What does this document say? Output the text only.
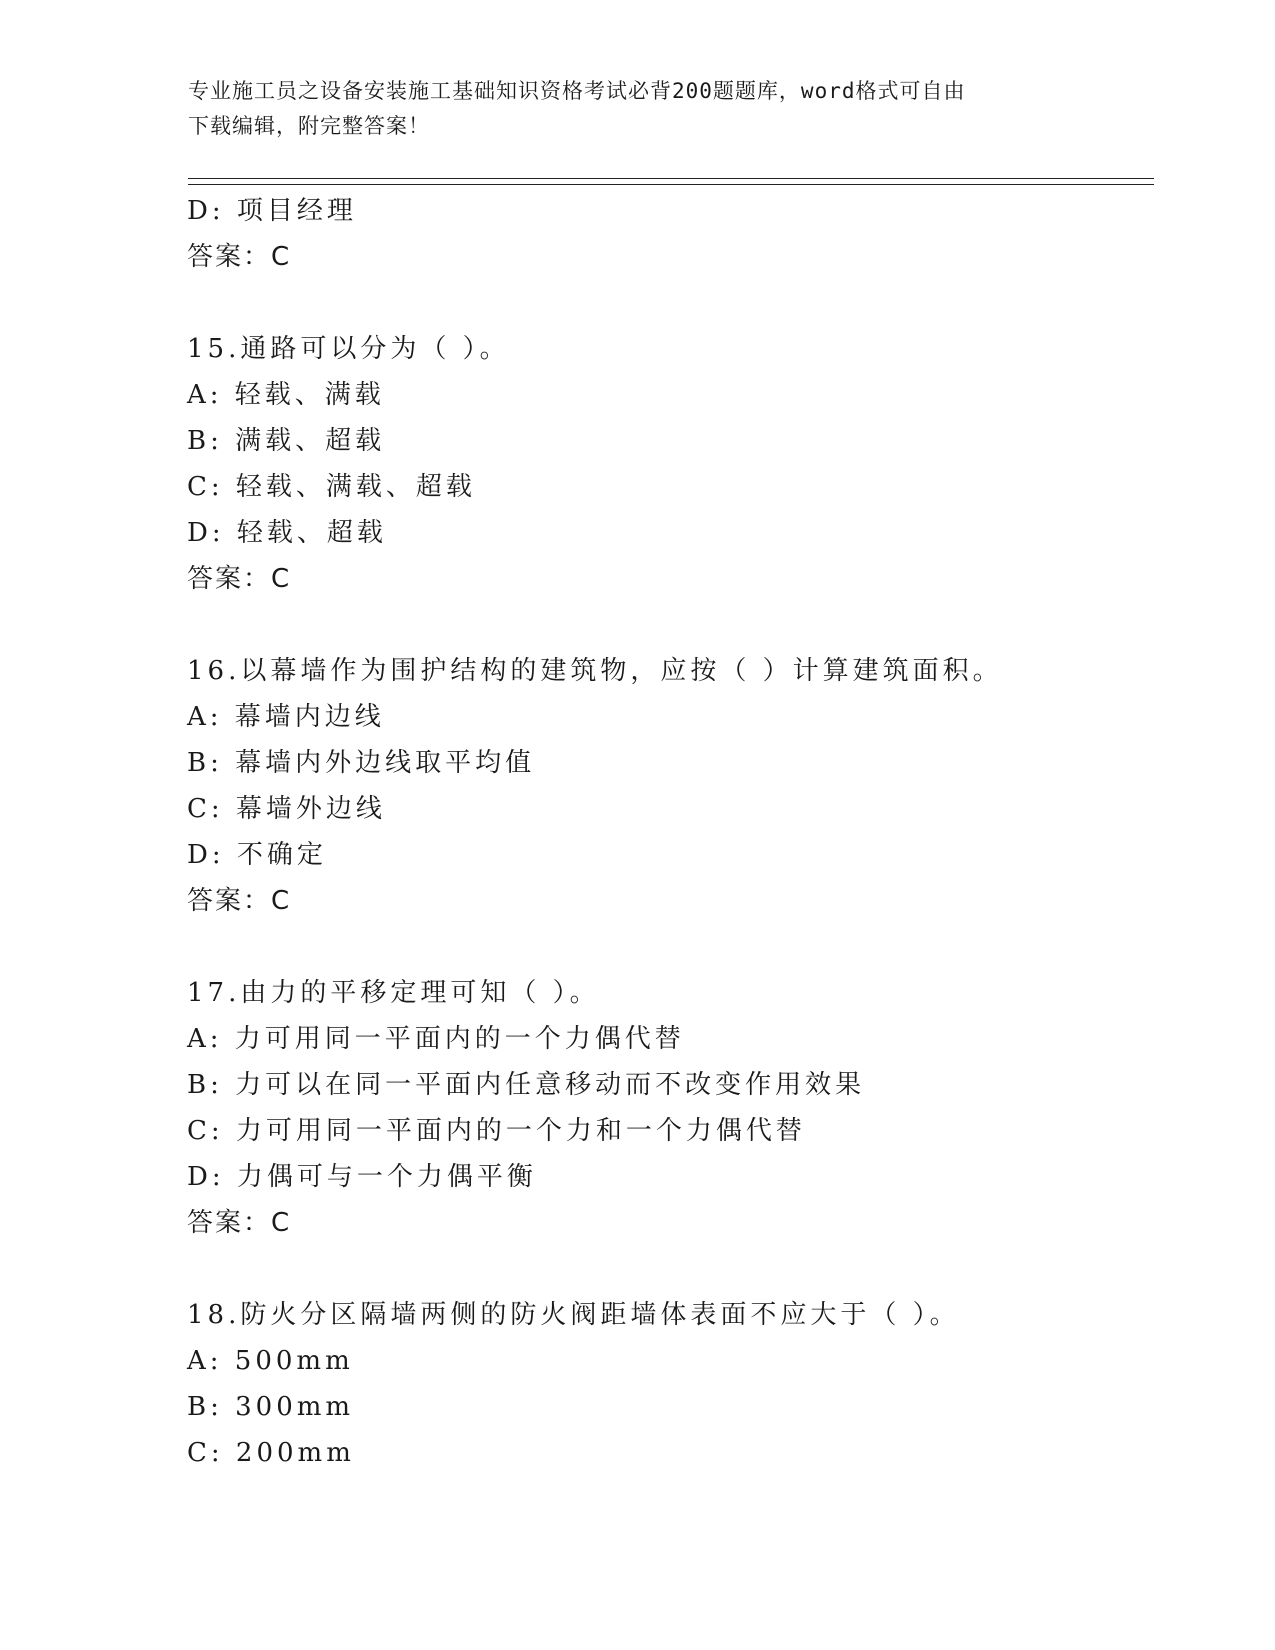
专业施工员之设备安装施工基础知识资格考试必背200题题库，word格式可自由
下载编辑，附完整答案！
D: 项目经理
答案：C
15.通路可以分为（ ）。
A: 轻载、满载
B: 满载、超载
C: 轻载、满载、超载
D: 轻载、超载
答案：C
16.以幕墙作为围护结构的建筑物，应按（ ）计算建筑面积。
A: 幕墙内边线
B: 幕墙内外边线取平均值
C: 幕墙外边线
D: 不确定
答案：C
17.由力的平移定理可知（ ）。
A: 力可用同一平面内的一个力偶代替
B: 力可以在同一平面内任意移动而不改变作用效果
C: 力可用同一平面内的一个力和一个力偶代替
D: 力偶可与一个力偶平衡
答案：C
18.防火分区隔墙两侧的防火阀距墙体表面不应大于（ ）。
A: 500mm
B: 300mm
C: 200mm
